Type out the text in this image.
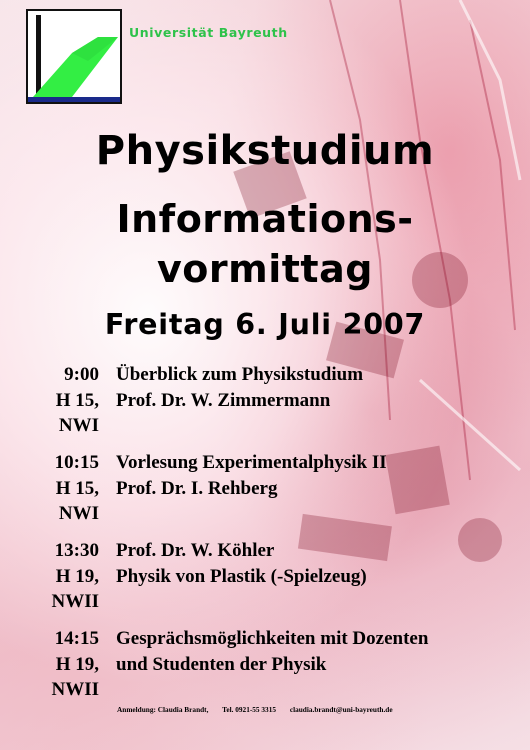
Universität Bayreuth
Physikstudium
Informations-
vormittag
Freitag 6. Juli 2007
9:00
H 15,
NWI
Überblick zum Physikstudium
Prof. Dr. W. Zimmermann
10:15
H 15,
NWI
Vorlesung Experimentalphysik II
Prof. Dr. I. Rehberg
13:30
H 19,
NWII
Prof. Dr. W. Köhler
Physik von Plastik (-Spielzeug)
14:15
H 19,
NWII
Gesprächsmöglichkeiten mit Dozenten
und Studenten der Physik
Anmeldung: Claudia Brandt, Tel. 0921-55 3315 claudia.brandt@uni-bayreuth.de
